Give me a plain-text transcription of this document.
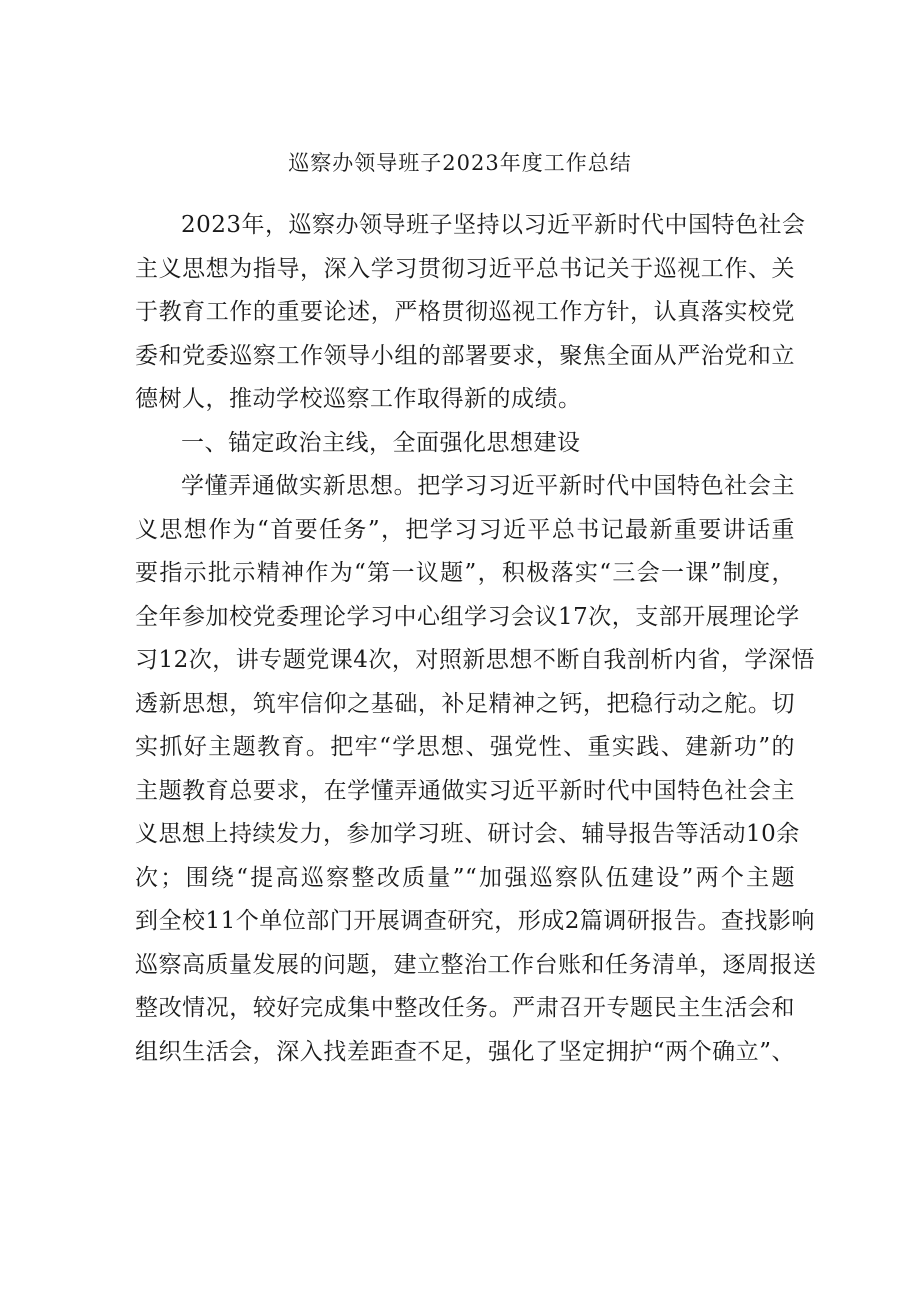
巡察办领导班子2023年度工作总结
2023年，巡察办领导班子坚持以习近平新时代中国特色社会
主义思想为指导，深入学习贯彻习近平总书记关于巡视工作、关
于教育工作的重要论述，严格贯彻巡视工作方针，认真落实校党
委和党委巡察工作领导小组的部署要求，聚焦全面从严治党和立
德树人，推动学校巡察工作取得新的成绩。
一、锚定政治主线，全面强化思想建设
学懂弄通做实新思想。把学习习近平新时代中国特色社会主
义思想作为“首要任务”，把学习习近平总书记最新重要讲话重
要指示批示精神作为“第一议题”，积极落实“三会一课”制度，
全年参加校党委理论学习中心组学习会议17次，支部开展理论学
习12次，讲专题党课4次，对照新思想不断自我剖析内省，学深悟
透新思想，筑牢信仰之基础，补足精神之钙，把稳行动之舵。切
实抓好主题教育。把牢“学思想、强党性、重实践、建新功”的
主题教育总要求，在学懂弄通做实习近平新时代中国特色社会主
义思想上持续发力，参加学习班、研讨会、辅导报告等活动10余
次；围绕“提高巡察整改质量”“加强巡察队伍建设”两个主题
到全校11个单位部门开展调查研究，形成2篇调研报告。查找影响
巡察高质量发展的问题，建立整治工作台账和任务清单，逐周报送
整改情况，较好完成集中整改任务。严肃召开专题民主生活会和
组织生活会，深入找差距查不足，强化了坚定拥护“两个确立”、
